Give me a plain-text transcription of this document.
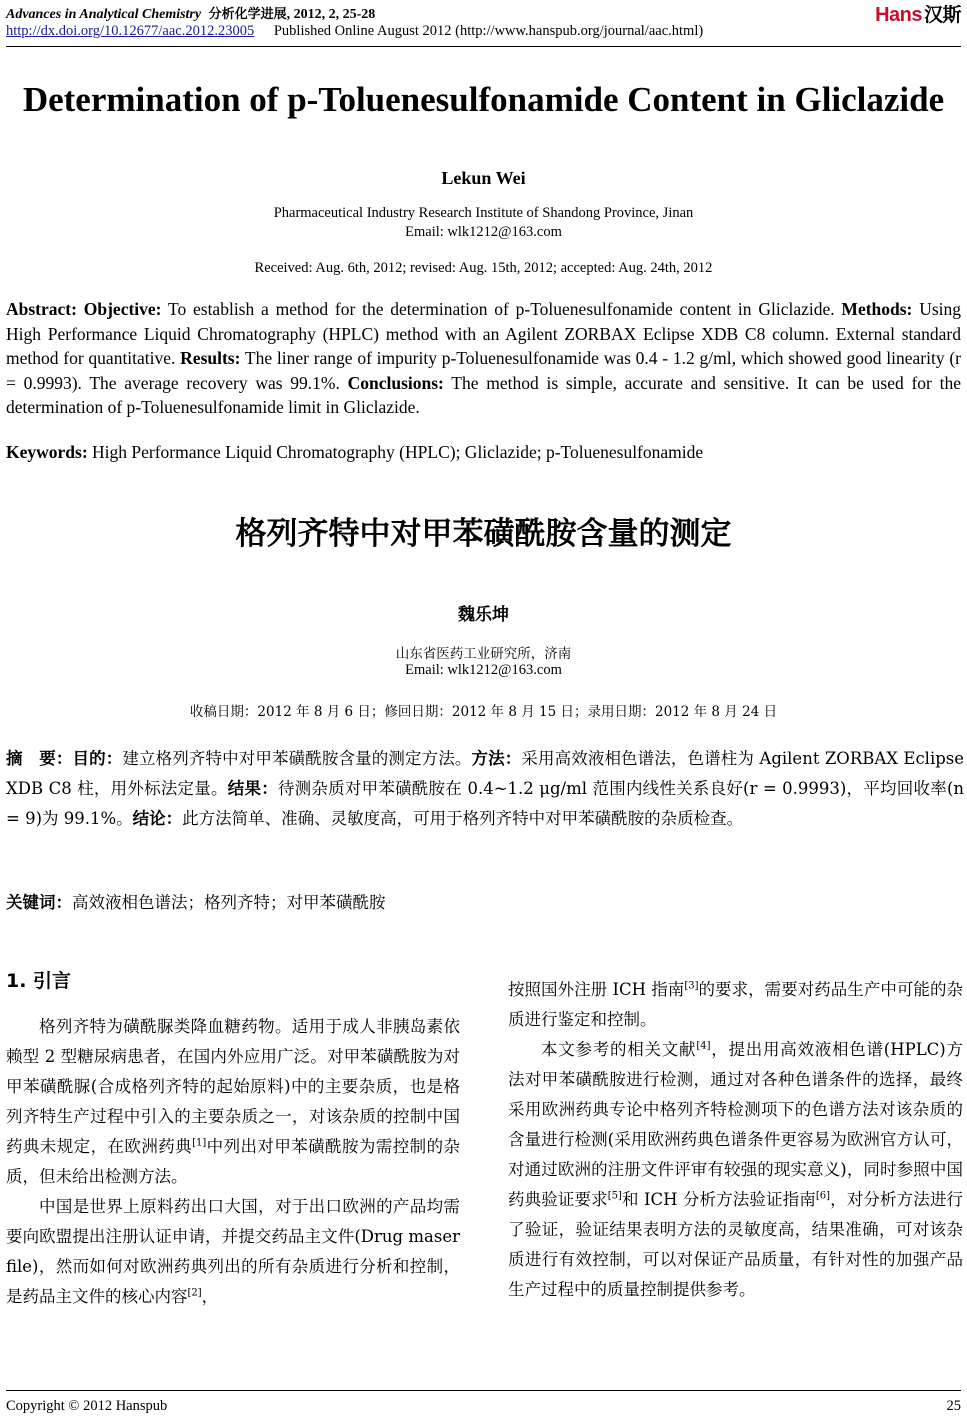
Advances in Analytical Chemistry 分析化学进展, 2012, 2, 25-28	Hans 汉斯
http://dx.doi.org/10.12677/aac.2012.23005 Published Online August 2012 (http://www.hanspub.org/journal/aac.html)
Determination of p-Toluenesulfonamide Content in Gliclazide
Lekun Wei
Pharmaceutical Industry Research Institute of Shandong Province, Jinan
Email: wlk1212@163.com
Received: Aug. 6th, 2012; revised: Aug. 15th, 2012; accepted: Aug. 24th, 2012
Abstract: Objective: To establish a method for the determination of p-Toluenesulfonamide content in Gliclazide. Methods: Using High Performance Liquid Chromatography (HPLC) method with an Agilent ZORBAX Eclipse XDB C8 column. External standard method for quantitative. Results: The liner range of impurity p-Toluenesulfonamide was 0.4 - 1.2 g/ml, which showed good linearity (r = 0.9993). The average recovery was 99.1%. Conclusions: The method is simple, accurate and sensitive. It can be used for the determination of p-Toluenesulfonamide limit in Gliclazide.
Keywords: High Performance Liquid Chromatography (HPLC); Gliclazide; p-Toluenesulfonamide
格列齐特中对甲苯磺酰胺含量的测定
魏乐坤
山东省医药工业研究所，济南
Email: wlk1212@163.com
收稿日期：2012 年 8 月 6 日；修回日期：2012 年 8 月 15 日；录用日期：2012 年 8 月 24 日
摘　要：目的：建立格列齐特中对甲苯磺酰胺含量的测定方法。方法：采用高效液相色谱法，色谱柱为 Agilent ZORBAX Eclipse XDB C8 柱，用外标法定量。结果：待测杂质对甲苯磺酰胺在 0.4~1.2 μg/ml 范围内线性关系良好(r = 0.9993)，平均回收率(n = 9)为 99.1%。结论：此方法简单、准确、灵敏度高，可用于格列齐特中对甲苯磺酰胺的杂质检查。
关键词：高效液相色谱法；格列齐特；对甲苯磺酰胺
1. 引言

格列齐特为磺酰脲类降血糖药物。适用于成人非胰岛素依赖型 2 型糖尿病患者，在国内外应用广泛。对甲苯磺酰胺为对甲苯磺酰脲(合成格列齐特的起始原料)中的主要杂质，也是格列齐特生产过程中引入的主要杂质之一，对该杂质的控制中国药典未规定，在欧洲药典[1]中列出对甲苯磺酰胺为需控制的杂质，但未给出检测方法。

中国是世界上原料药出口大国，对于出口欧洲的产品均需要向欧盟提出注册认证申请，并提交药品主文件(Drug maser file)，然而如何对欧洲药典列出的所有杂质进行分析和控制，是药品主文件的核心内容[2]，

按照国外注册 ICH 指南[3]的要求，需要对药品生产中可能的杂质进行鉴定和控制。

本文参考的相关文献[4]，提出用高效液相色谱(HPLC)方法对甲苯磺酰胺进行检测，通过对各种色谱条件的选择，最终采用欧洲药典专论中格列齐特检测项下的色谱方法对该杂质的含量进行检测(采用欧洲药典色谱条件更容易为欧洲官方认可，对通过欧洲的注册文件评审有较强的现实意义)，同时参照中国药典验证要求[5]和 ICH 分析方法验证指南[6]，对分析方法进行了验证，验证结果表明方法的灵敏度高，结果准确，可对该杂质进行有效控制，可以对保证产品质量，有针对性的加强产品生产过程中的质量控制提供参考。

Copyright © 2012 Hanspub	25
